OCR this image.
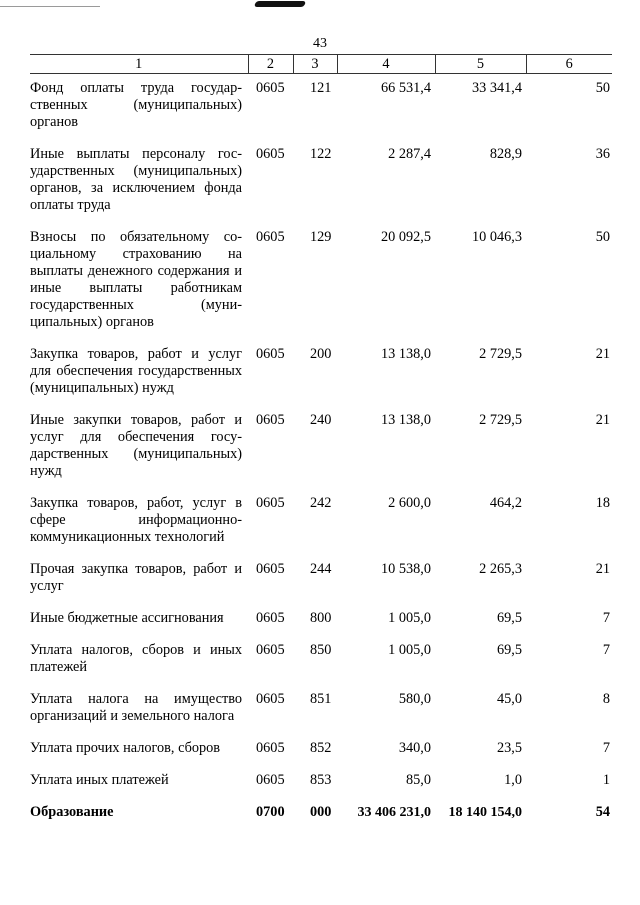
43
1	2	3	4	5	6
Фонд оплаты труда государственных (муниципальных) органов	0605	121	66 531,4	33 341,4	50
Иные выплаты персоналу государственных (муниципальных) органов, за исключением фонда оплаты труда	0605	122	2 287,4	828,9	36
Взносы по обязательному социальному страхованию на выплаты денежного содержания и иные выплаты работникам государственных (муниципальных) органов	0605	129	20 092,5	10 046,3	50
Закупка товаров, работ и услуг для обеспечения государственных (муниципальных) нужд	0605	200	13 138,0	2 729,5	21
Иные закупки товаров, работ и услуг для обеспечения государственных (муниципальных) нужд	0605	240	13 138,0	2 729,5	21
Закупка товаров, работ, услуг в сфере информационно-коммуникационных технологий	0605	242	2 600,0	464,2	18
Прочая закупка товаров, работ и услуг	0605	244	10 538,0	2 265,3	21
Иные бюджетные ассигнования	0605	800	1 005,0	69,5	7
Уплата налогов, сборов и иных платежей	0605	850	1 005,0	69,5	7
Уплата налога на имущество организаций и земельного налога	0605	851	580,0	45,0	8
Уплата прочих налогов, сборов	0605	852	340,0	23,5	7
Уплата иных платежей	0605	853	85,0	1,0	1
Образование	0700	000	33 406 231,0	18 140 154,0	54
